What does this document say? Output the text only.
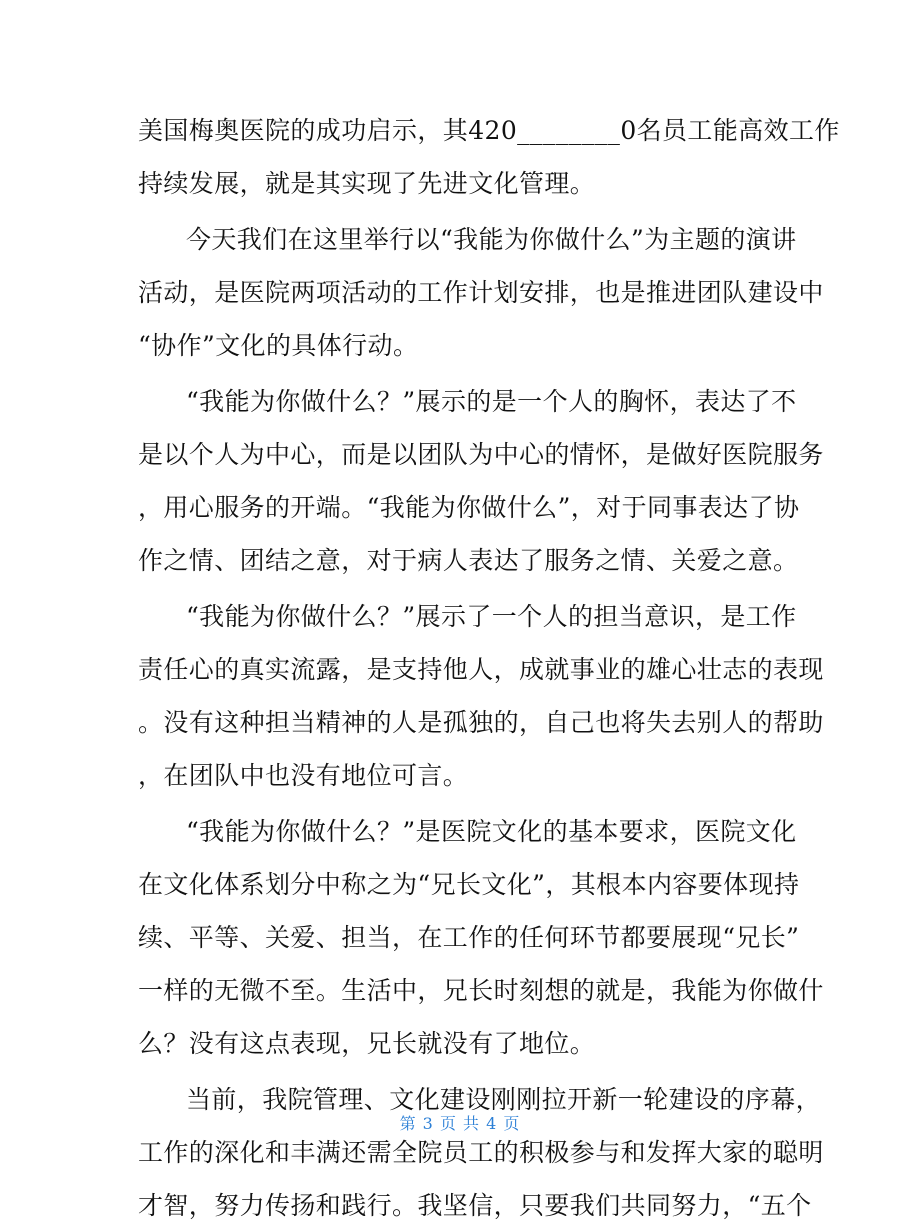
美国梅奥医院的成功启示，其420________0名员工能高效工作
持续发展，就是其实现了先进文化管理。
今天我们在这里举行以“我能为你做什么”为主题的演讲
活动，是医院两项活动的工作计划安排，也是推进团队建设中
“协作”文化的具体行动。
“我能为你做什么？”展示的是一个人的胸怀，表达了不
是以个人为中心，而是以团队为中心的情怀，是做好医院服务
，用心服务的开端。“我能为你做什么”，对于同事表达了协
作之情、团结之意，对于病人表达了服务之情、关爱之意。
“我能为你做什么？”展示了一个人的担当意识，是工作
责任心的真实流露，是支持他人，成就事业的雄心壮志的表现
。没有这种担当精神的人是孤独的，自己也将失去别人的帮助
，在团队中也没有地位可言。
“我能为你做什么？”是医院文化的基本要求，医院文化
在文化体系划分中称之为“兄长文化”，其根本内容要体现持
续、平等、关爱、担当，在工作的任何环节都要展现“兄长”
一样的无微不至。生活中，兄长时刻想的就是，我能为你做什
么？没有这点表现，兄长就没有了地位。
当前，我院管理、文化建设刚刚拉开新一轮建设的序幕，
工作的深化和丰满还需全院员工的积极参与和发挥大家的聪明
才智，努力传扬和践行。我坚信，只要我们共同努力，“五个
第 3 页 共 4 页
